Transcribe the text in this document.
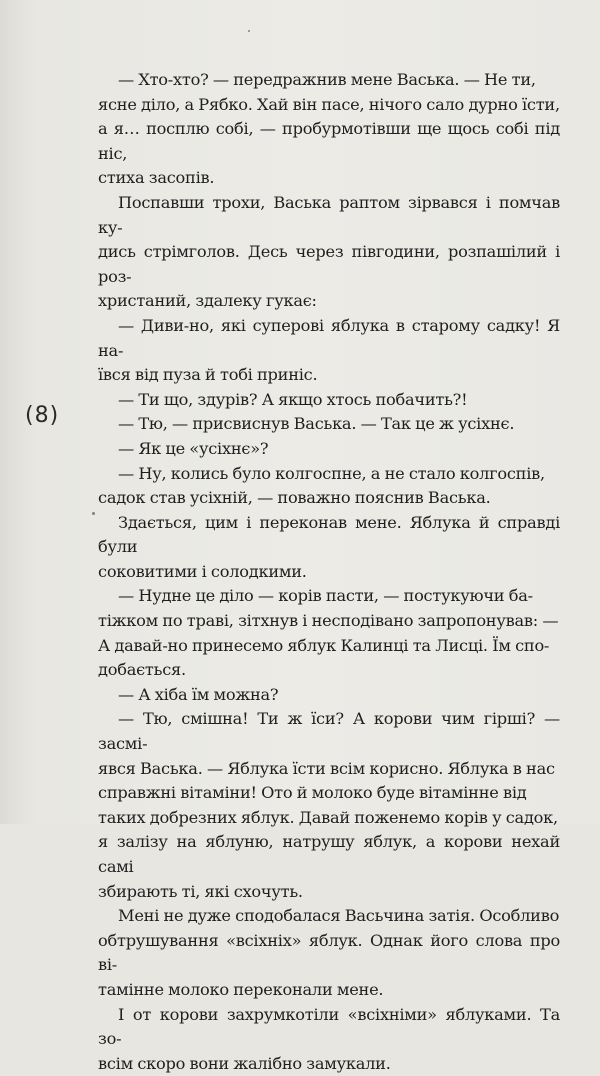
(8)

— Хто-хто? — передражнив мене Васька. — Не ти,
ясне діло, а Рябко. Хай він пасе, нічого сало дурно їсти,
а я… посплю собі, — пробурмотівши ще щось собі під ніс,
стиха засопів.

Поспавши трохи, Васька раптом зірвався і помчав ку-
дись стрімголов. Десь через півгодини, розпашілий і роз-
христаний, здалеку гукає:

— Диви-но, які суперові яблука в старому садку! Я на-
ївся від пуза й тобі приніс.

— Ти що, здурів? А якщо хтось побачить?!

— Тю, — присвиснув Васька. — Так це ж усіхнє.

— Як це «усіхнє»?

— Ну, колись було колгоспне, а не стало колгоспів,
садок став усіхній, — поважно пояснив Васька.

Здається, цим і переконав мене. Яблука й справді були
соковитими і солодкими.

— Нудне це діло — корів пасти, — постукуючи ба-
тіжком по траві, зітхнув і несподівано запропонував: —
А давай-но принесемо яблук Калинці та Лисці. Їм спо-
добається.

— А хіба їм можна?

— Тю, смішна! Ти ж їси? А корови чим гірші? — засмі-
явся Васька. — Яблука їсти всім корисно. Яблука в нас
справжні вітаміни! Ото й молоко буде вітамінне від
таких добрезних яблук. Давай поженемо корів у садок,
я залізу на яблуню, натрушу яблук, а корови нехай самі
збирають ті, які схочуть.

Мені не дуже сподобалася Васьчина затія. Особливо
обтрушування «всіхніх» яблук. Однак його слова про ві-
тамінне молоко переконали мене.

І от корови захрумкотіли «всіхніми» яблуками. Та зо-
всім скоро вони жалібно замукали.
